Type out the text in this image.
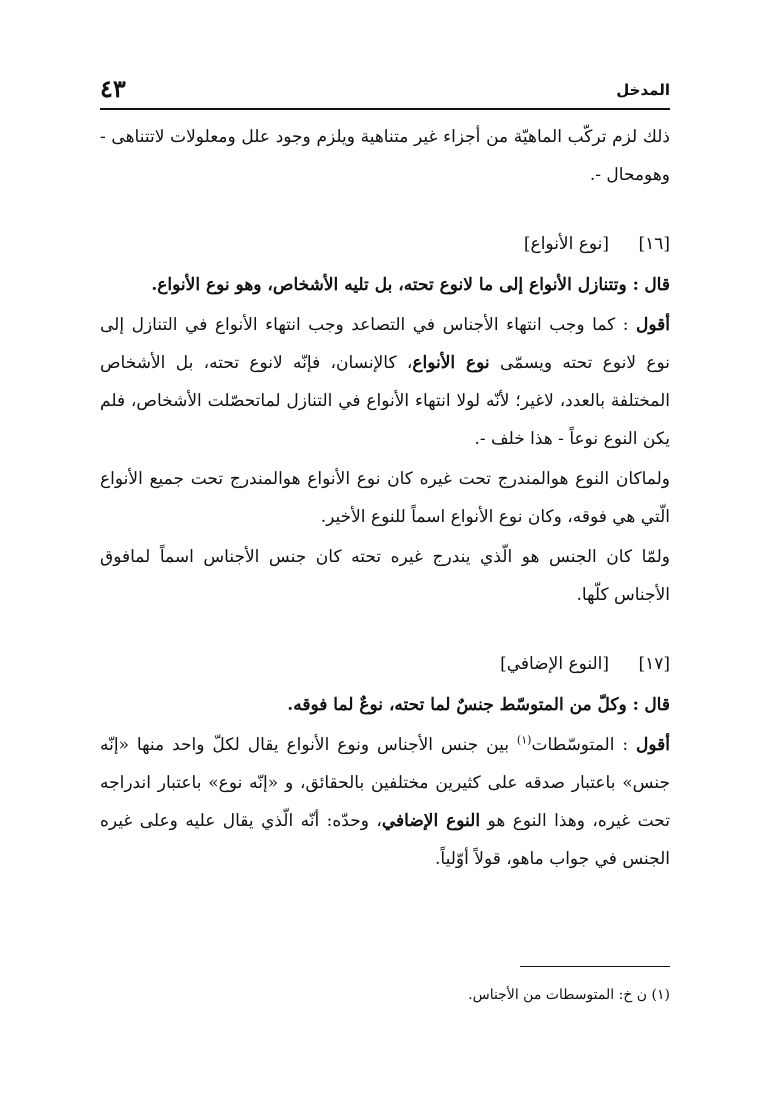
٤٣	المدخل

ذلك لزم تركّب الماهيّة من أجزاء غير متناهية ويلزم وجود علل ومعلولات لاتتناهى - وهومحال -.

[١٦] [نوع الأنواع]

قال : وتتنازل الأنواع إلى ما لانوع تحته، بل تليه الأشخاص، وهو نوع الأنواع.

أقول : كما وجب انتهاء الأجناس في التصاعد وجب انتهاء الأنواع في التنازل إلى نوع لانوع تحته ويسمّى نوع الأنواع، كالإنسان، فإنّه لانوع تحته، بل الأشخاص المختلفة بالعدد، لاغير؛ لأنّه لولا انتهاء الأنواع في التنازل لماتحصّلت الأشخاص، فلم يكن النوع نوعاً - هذا خلف -.

ولماكان النوع هوالمندرج تحت غيره كان نوع الأنواع هوالمندرج تحت جميع الأنواع الّتي هي فوقه، وكان نوع الأنواع اسماً للنوع الأخير.

ولمّا كان الجنس هو الّذي يندرج غيره تحته كان جنس الأجناس اسماً لمافوق الأجناس كلّها.

[١٧] [النوع الإضافي]

قال : وكلّ من المتوسّط جنسٌ لما تحته، نوعٌ لما فوقه.

أقول : المتوسّطات$^{(١)}$ بين جنس الأجناس ونوع الأنواع يقال لكلّ واحد منها «إنّه جنس» باعتبار صدقه على كثيرين مختلفين بالحقائق، و «إنّه نوع» باعتبار اندراجه تحت غيره، وهذا النوع هو النوع الإضافي، وحدّه: أنّه الّذي يقال عليه وعلى غيره الجنس في جواب ماهو، قولاً أوّلياً.

(١) ن خ: المتوسطات من الأجناس.
